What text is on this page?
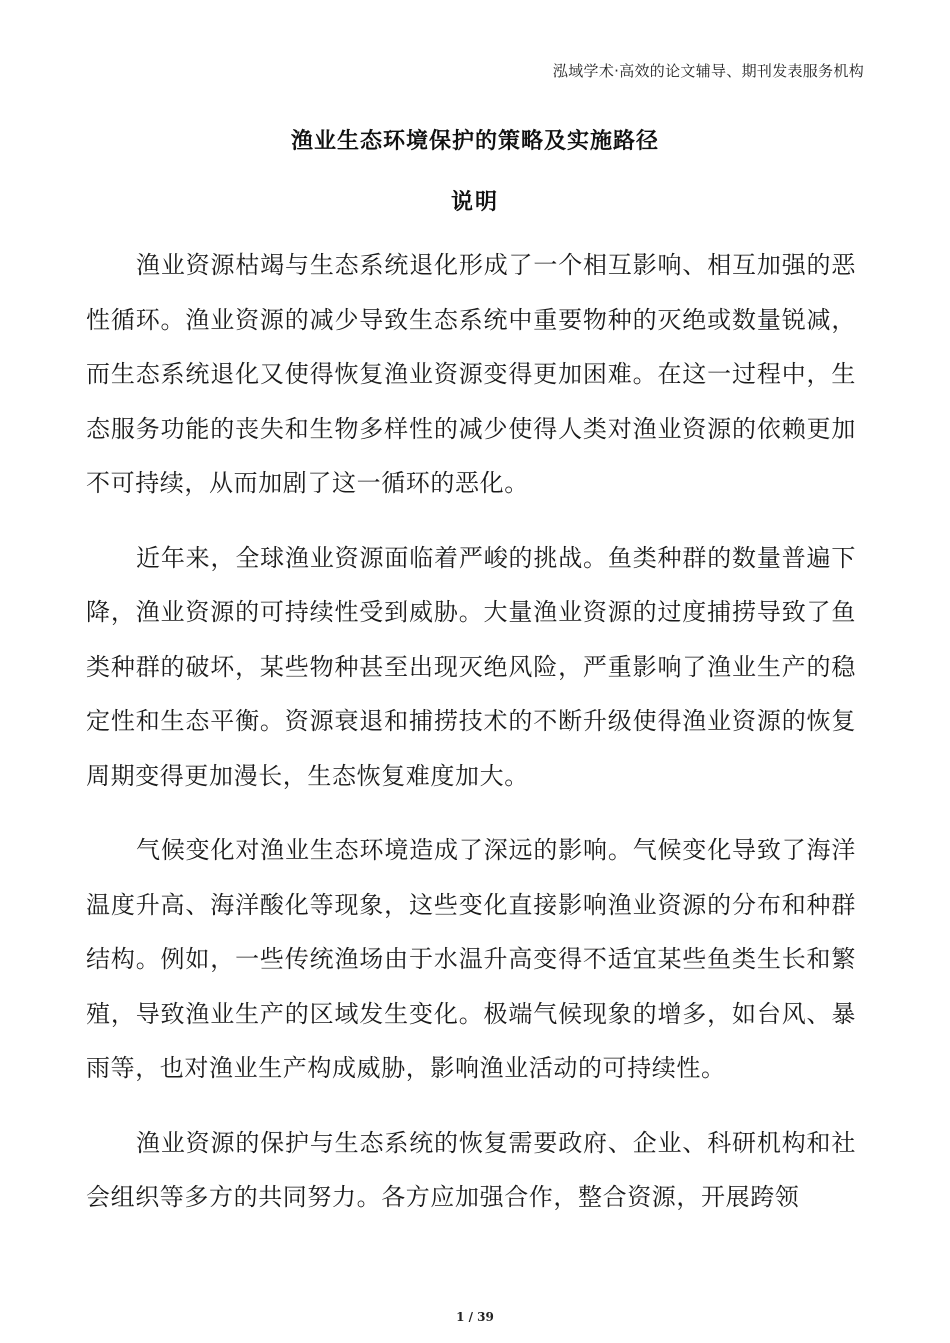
泓域学术·高效的论文辅导、期刊发表服务机构
渔业生态环境保护的策略及实施路径
说明

渔业资源枯竭与生态系统退化形成了一个相互影响、相互加强的恶性循环。渔业资源的减少导致生态系统中重要物种的灭绝或数量锐减，而生态系统退化又使得恢复渔业资源变得更加困难。在这一过程中，生态服务功能的丧失和生物多样性的减少使得人类对渔业资源的依赖更加不可持续，从而加剧了这一循环的恶化。

近年来，全球渔业资源面临着严峻的挑战。鱼类种群的数量普遍下降，渔业资源的可持续性受到威胁。大量渔业资源的过度捕捞导致了鱼类种群的破坏，某些物种甚至出现灭绝风险，严重影响了渔业生产的稳定性和生态平衡。资源衰退和捕捞技术的不断升级使得渔业资源的恢复周期变得更加漫长，生态恢复难度加大。

气候变化对渔业生态环境造成了深远的影响。气候变化导致了海洋温度升高、海洋酸化等现象，这些变化直接影响渔业资源的分布和种群结构。例如，一些传统渔场由于水温升高变得不适宜某些鱼类生长和繁殖，导致渔业生产的区域发生变化。极端气候现象的增多，如台风、暴雨等，也对渔业生产构成威胁，影响渔业活动的可持续性。

渔业资源的保护与生态系统的恢复需要政府、企业、科研机构和社会组织等多方的共同努力。各方应加强合作，整合资源，开展跨领

1 / 39
